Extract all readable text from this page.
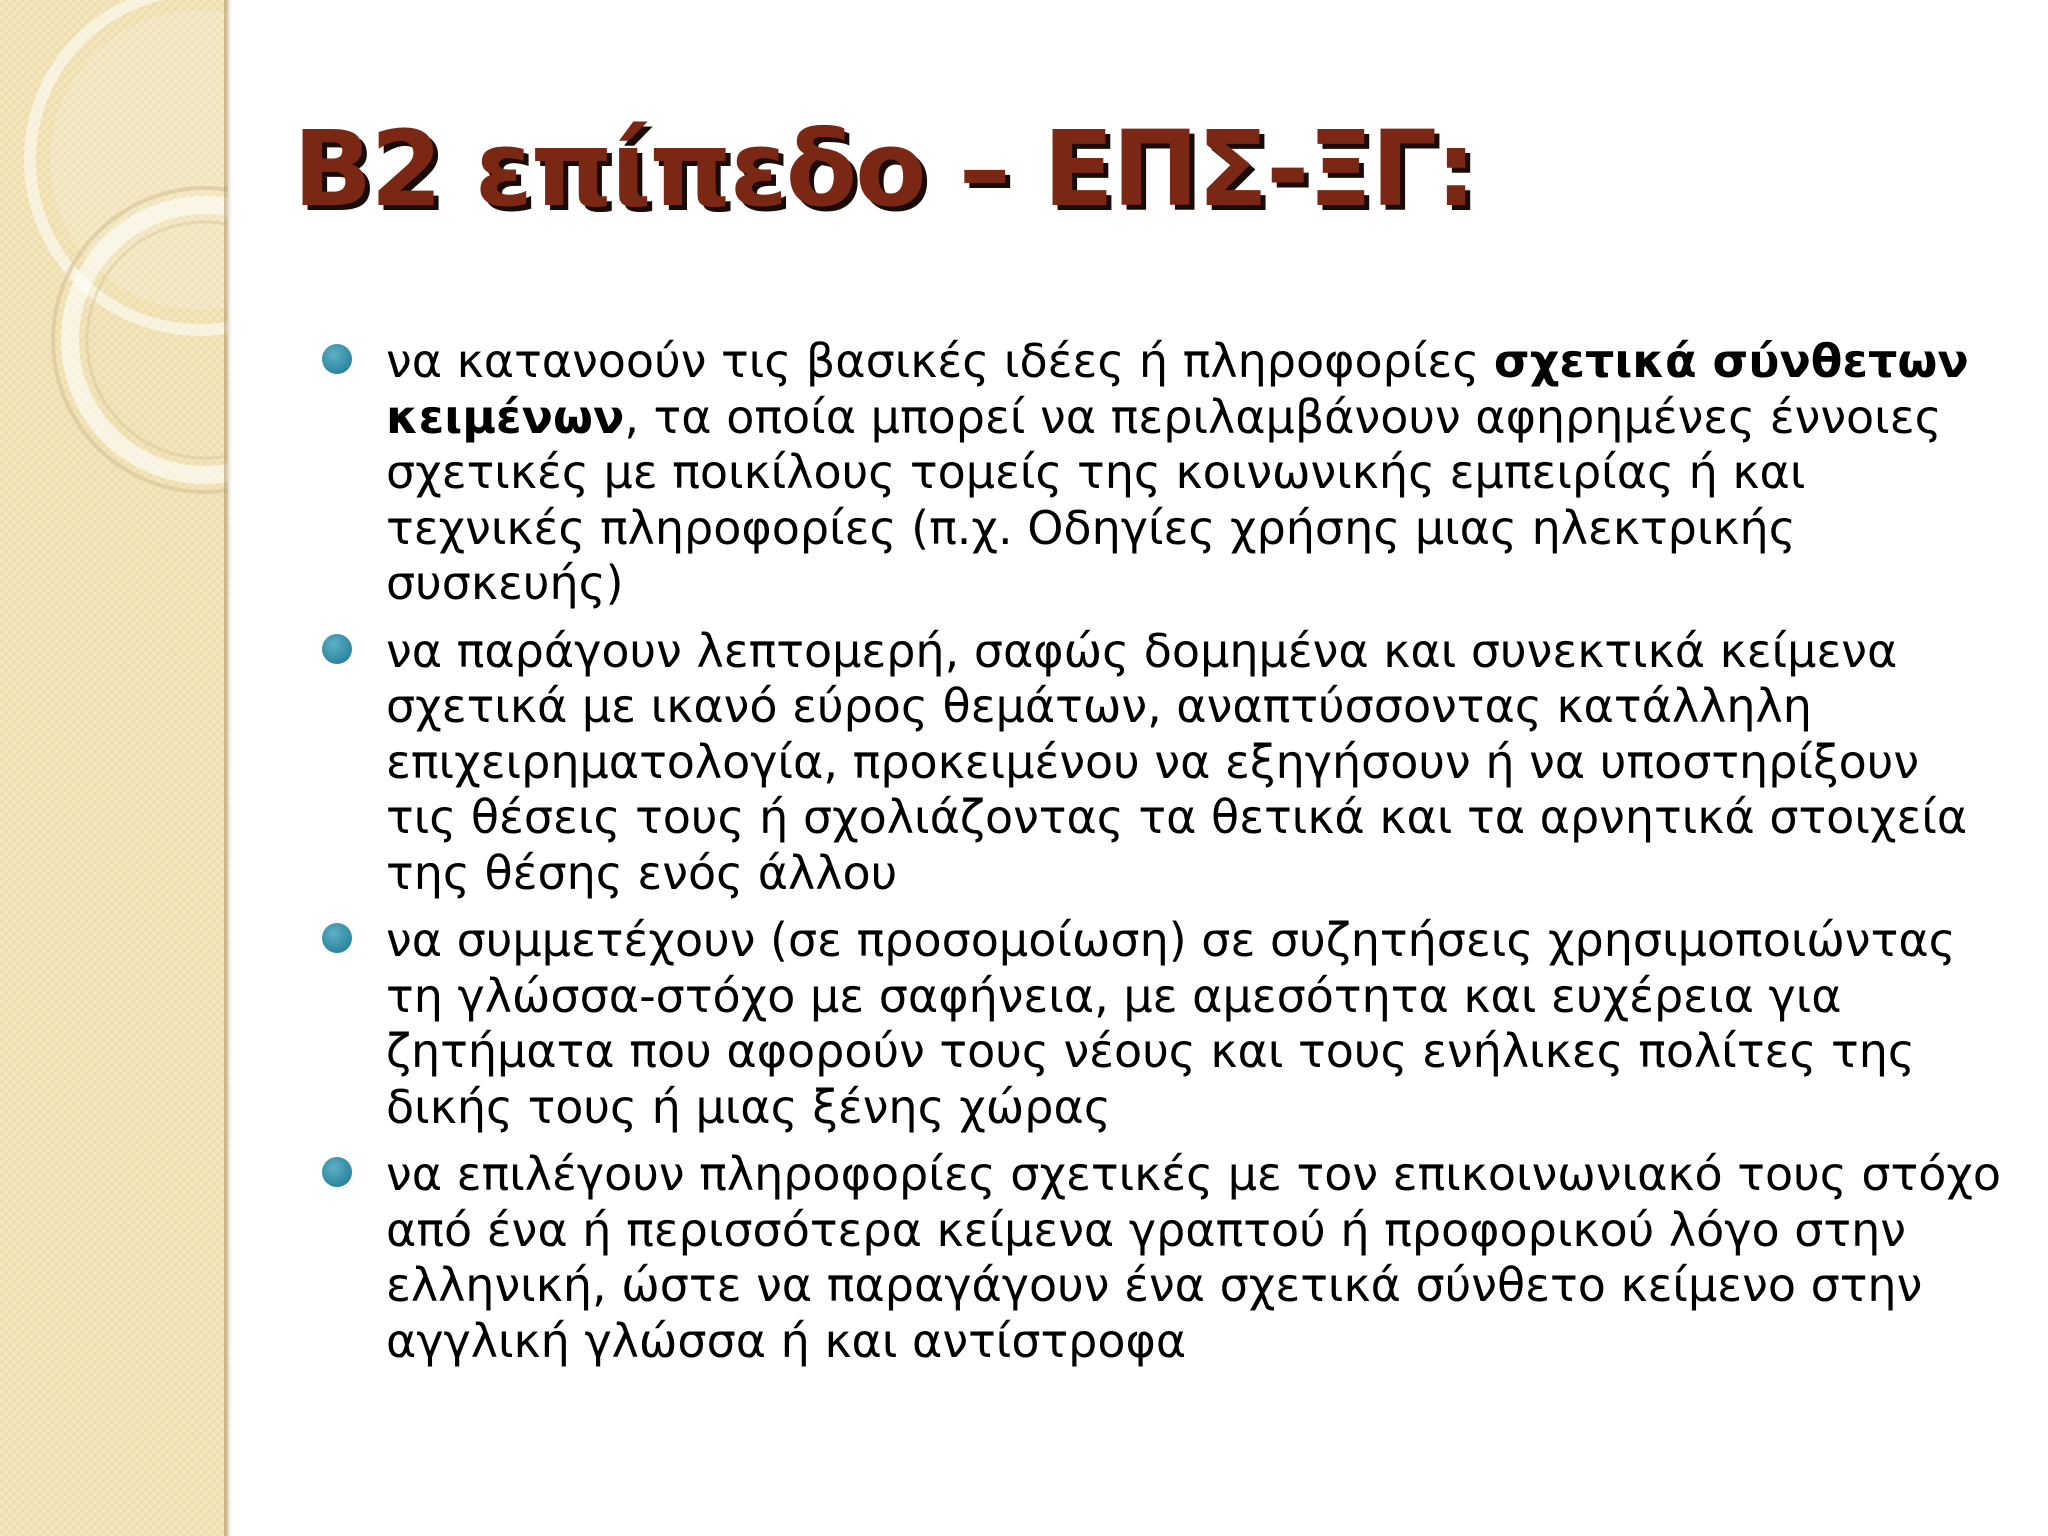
B2 επίπεδο – ΕΠΣ-ΞΓ:
να κατανοούν τις βασικές ιδέες ή πληροφορίες σχετικά σύνθετων κειμένων, τα οποία μπορεί να περιλαμβάνουν αφηρημένες έννοιες σχετικές με ποικίλους τομείς της κοινωνικής εμπειρίας ή και τεχνικές πληροφορίες (π.χ. Οδηγίες χρήσης μιας ηλεκτρικής συσκευής)
να παράγουν λεπτομερή, σαφώς δομημένα και συνεκτικά κείμενα σχετικά με ικανό εύρος θεμάτων, αναπτύσσοντας κατάλληλη επιχειρηματολογία, προκειμένου να εξηγήσουν ή να υποστηρίξουν τις θέσεις τους ή σχολιάζοντας τα θετικά και τα αρνητικά στοιχεία της θέσης ενός άλλου
να συμμετέχουν (σε προσομοίωση) σε συζητήσεις χρησιμοποιώντας τη γλώσσα-στόχο με σαφήνεια, με αμεσότητα και ευχέρεια για ζητήματα που αφορούν τους νέους και τους ενήλικες πολίτες της δικής τους ή μιας ξένης χώρας
να επιλέγουν πληροφορίες σχετικές με τον επικοινωνιακό τους στόχο από ένα ή περισσότερα κείμενα γραπτού ή προφορικού λόγο στην ελληνική, ώστε να παραγάγουν ένα σχετικά σύνθετο κείμενο στην αγγλική γλώσσα ή και αντίστροφα
